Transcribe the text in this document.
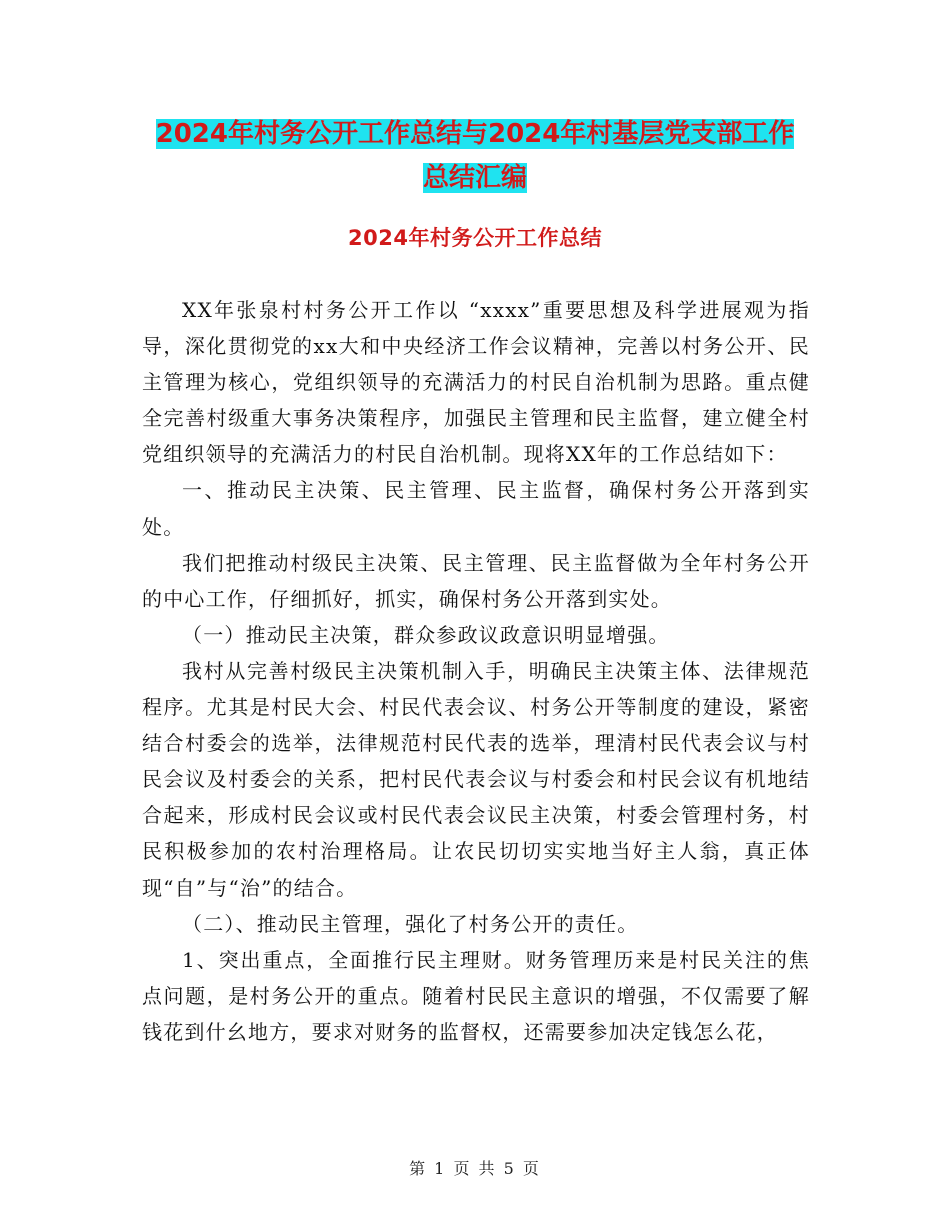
2024年村务公开工作总结与2024年村基层党支部工作
总结汇编
2024年村务公开工作总结

XX年张泉村村务公开工作以 “xxxx”重要思想及科学进展观为指导，深化贯彻党的xx大和中央经济工作会议精神，完善以村务公开、民主管理为核心，党组织领导的充满活力的村民自治机制为思路。重点健全完善村级重大事务决策程序，加强民主管理和民主监督，建立健全村党组织领导的充满活力的村民自治机制。现将XX年的工作总结如下：

一、推动民主决策、民主管理、民主监督，确保村务公开落到实处。

我们把推动村级民主决策、民主管理、民主监督做为全年村务公开的中心工作，仔细抓好，抓实，确保村务公开落到实处。

（一）推动民主决策，群众参政议政意识明显增强。

我村从完善村级民主决策机制入手，明确民主决策主体、法律规范程序。尤其是村民大会、村民代表会议、村务公开等制度的建设，紧密结合村委会的选举，法律规范村民代表的选举，理清村民代表会议与村民会议及村委会的关系，把村民代表会议与村委会和村民会议有机地结合起来，形成村民会议或村民代表会议民主决策，村委会管理村务，村民积极参加的农村治理格局。让农民切切实实地当好主人翁，真正体现“自”与“治”的结合。

（二）、推动民主管理，强化了村务公开的责任。

1、突出重点，全面推行民主理财。财务管理历来是村民关注的焦点问题，是村务公开的重点。随着村民民主意识的增强，不仅需要了解钱花到什幺地方，要求对财务的监督权，还需要参加决定钱怎么花，

第 1 页 共 5 页
